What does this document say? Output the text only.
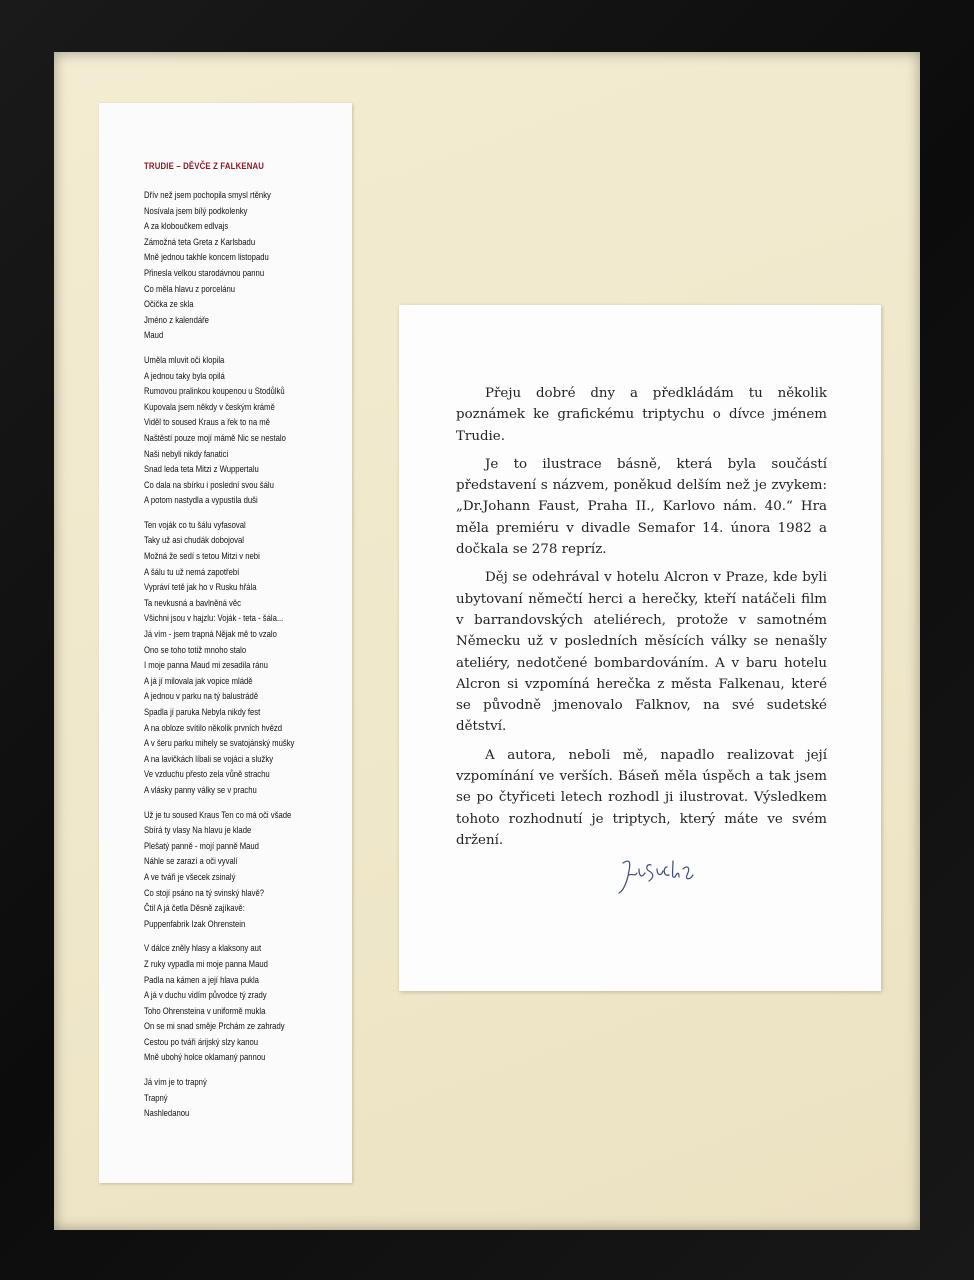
TRUDIE – DĚVČE Z FALKENAU
Dřív než jsem pochopila smysl rtěnky
Nosívala jsem bílý podkolenky
A za kloboučkem edlvajs
Zámožná teta Greta z Karlsbadu
Mně jednou takhle koncem listopadu
Přinesla velkou starodávnou pannu
Co měla hlavu z porcelánu
Očička ze skla
Jméno z kalendáře
Maud
Uměla mluvit oči klopila
A jednou taky byla opilá
Rumovou pralinkou koupenou u Stodůlků
Kupovala jsem někdy v českým krámě
Viděl to soused Kraus a řek to na mě
Naštěstí pouze mojí mámě Nic se nestalo
Naši nebyli nikdy fanatici
Snad leda teta Mitzi z Wuppertalu
Co dala na sbírku i poslední svou šálu
A potom nastydla a vypustila duši
Ten voják co tu šálu vyfasoval
Taky už asi chudák dobojoval
Možná že sedí s tetou Mitzi v nebi
A šálu tu už nemá zapotřebí
Vypráví tetě jak ho v Rusku hřála
Ta nevkusná a bavlněná věc
Všichni jsou v hajzlu: Voják - teta - šála...
Já vím - jsem trapná Nějak mě to vzalo
Ono se toho totiž mnoho stalo
I moje panna Maud mi zesadila ránu
A já jí milovala jak vopice mládě
A jednou v parku na tý balustrádě
Spadla jí paruka Nebyla nikdy fest
A na obloze svítilo několik prvních hvězd
A v šeru parku mihely se svatojánský mušky
A na lavičkách líbali se vojáci a služky
Ve vzduchu přesto zela vůně strachu
A vlásky panny války se v prachu
Už je tu soused Kraus Ten co má oči všade
Sbírá ty vlasy Na hlavu je klade
Plešatý panně - mojí panně Maud
Náhle se zarazí a oči vyvalí
A ve tváři je všecek zsinalý
Co stojí psáno na tý svinský hlavě?
Čtil A já četla Děsně zajíkavě:
Puppenfabrik Izak Ohrenstein
V dálce zněly hlasy a klaksony aut
Z ruky vypadla mi moje panna Maud
Padla na kámen a její hlava pukla
A já v duchu vidím původce tý zrady
Toho Ohrensteina v uniformě mukla
On se mi snad směje Prchám ze zahrady
Cestou po tváři árijský slzy kanou
Mně ubohý holce oklamaný pannou
Já vím je to trapný
Trapný
Nashledanou

Přeju dobré dny a předkládám tu několik poznámek ke grafickému triptychu o dívce jménem Trudie.

Je to ilustrace básně, která byla součástí představení s názvem, poněkud delším než je zvykem: „Dr.Johann Faust, Praha II., Karlovo nám. 40.“ Hra měla premiéru v divadle Semafor 14. února 1982 a dočkala se 278 repríz.

Děj se odehrával v hotelu Alcron v Praze, kde byli ubytovaní němečtí herci a herečky, kteří natáčeli film v barrandovských ateliérech, protože v samotném Německu už v posledních měsících války se nenašly ateliéry, nedotčené bombardováním. A v baru hotelu Alcron si vzpomíná herečka z města Falkenau, které se původně jmenovalo Falknov, na své sudetské dětství.

A autora, neboli mě, napadlo realizovat její vzpomínání ve verších. Báseň měla úspěch a tak jsem se po čtyřiceti letech rozhodl ji ilustrovat. Výsledkem tohoto rozhodnutí je triptych, který máte ve svém držení.
